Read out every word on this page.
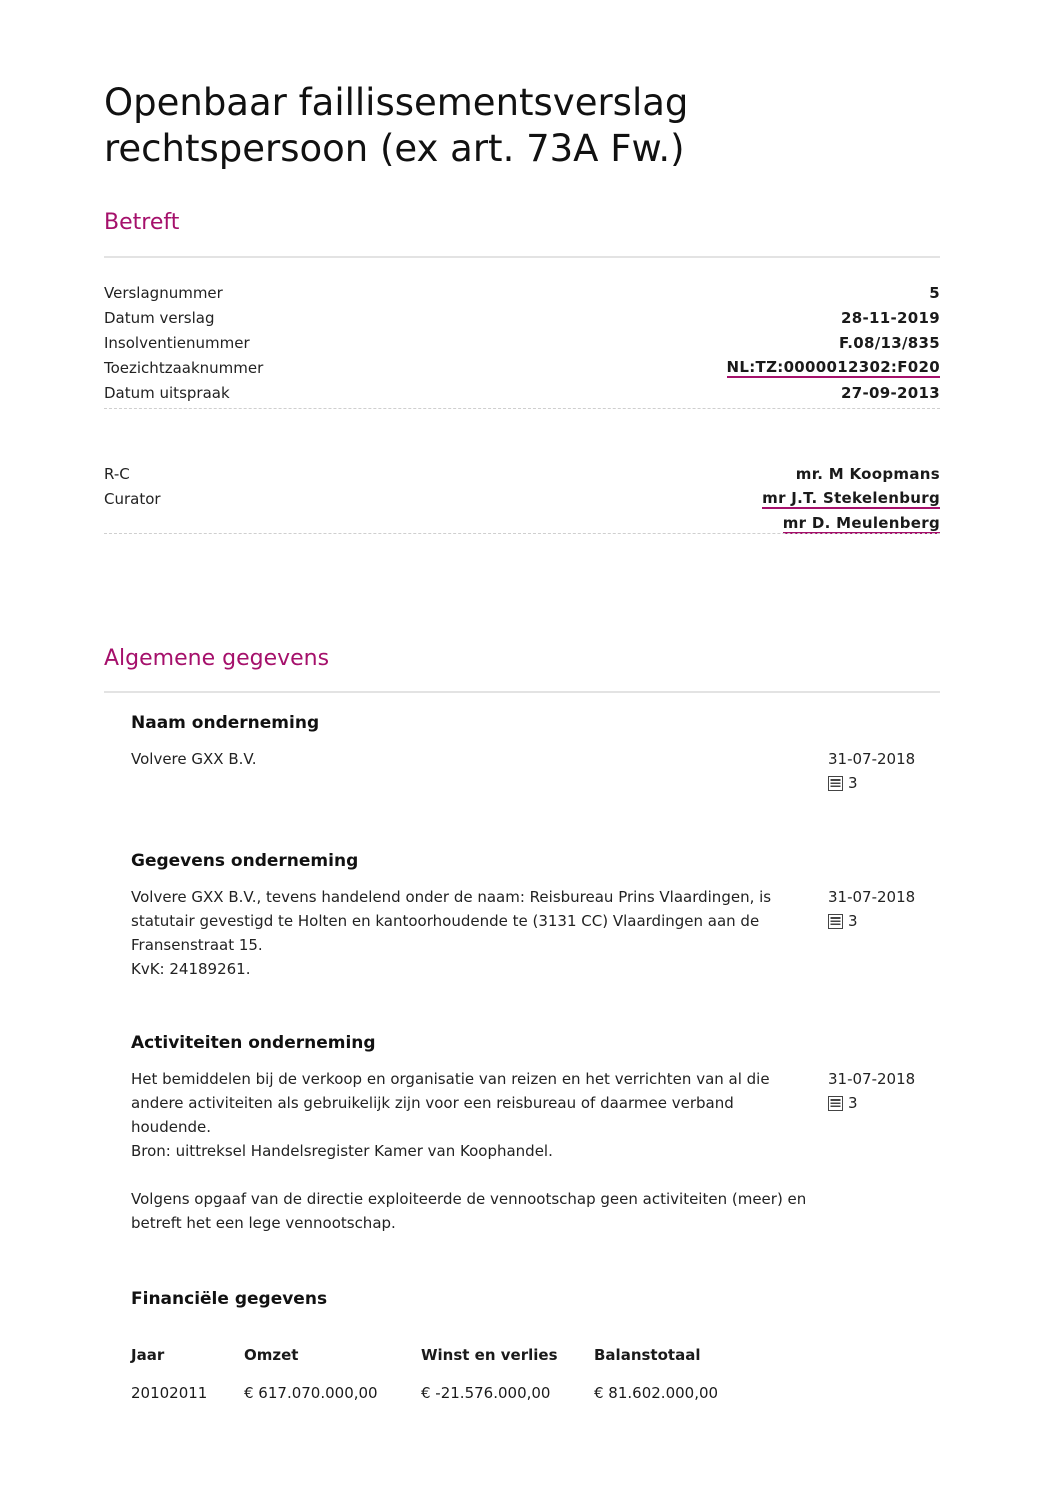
Openbaar faillissementsverslag rechtspersoon (ex art. 73A Fw.)
Betreft
Verslagnummer	5
Datum verslag	28-11-2019
Insolventienummer	F.08/13/835
Toezichtzaaknummer	NL:TZ:0000012302:F020
Datum uitspraak	27-09-2013
R-C	mr. M Koopmans
Curator	mr J.T. Stekelenburg
mr D. Meulenberg
Algemene gegevens
Naam onderneming
Volvere GXX B.V.	31-07-2018
3
Gegevens onderneming
Volvere GXX B.V., tevens handelend onder de naam: Reisbureau Prins Vlaardingen, is statutair gevestigd te Holten en kantoorhoudende te (3131 CC) Vlaardingen aan de Fransenstraat 15.
KvK: 24189261.
31-07-2018
3
Activiteiten onderneming
Het bemiddelen bij de verkoop en organisatie van reizen en het verrichten van al die andere activiteiten als gebruikelijk zijn voor een reisbureau of daarmee verband houdende.
Bron: uittreksel Handelsregister Kamer van Koophandel.

Volgens opgaaf van de directie exploiteerde de vennootschap geen activiteiten (meer) en betreft het een lege vennootschap.
31-07-2018
3
Financiële gegevens
Jaar	Omzet	Winst en verlies	Balanstotaal
20102011	€ 617.070.000,00	€ -21.576.000,00	€ 81.602.000,00
